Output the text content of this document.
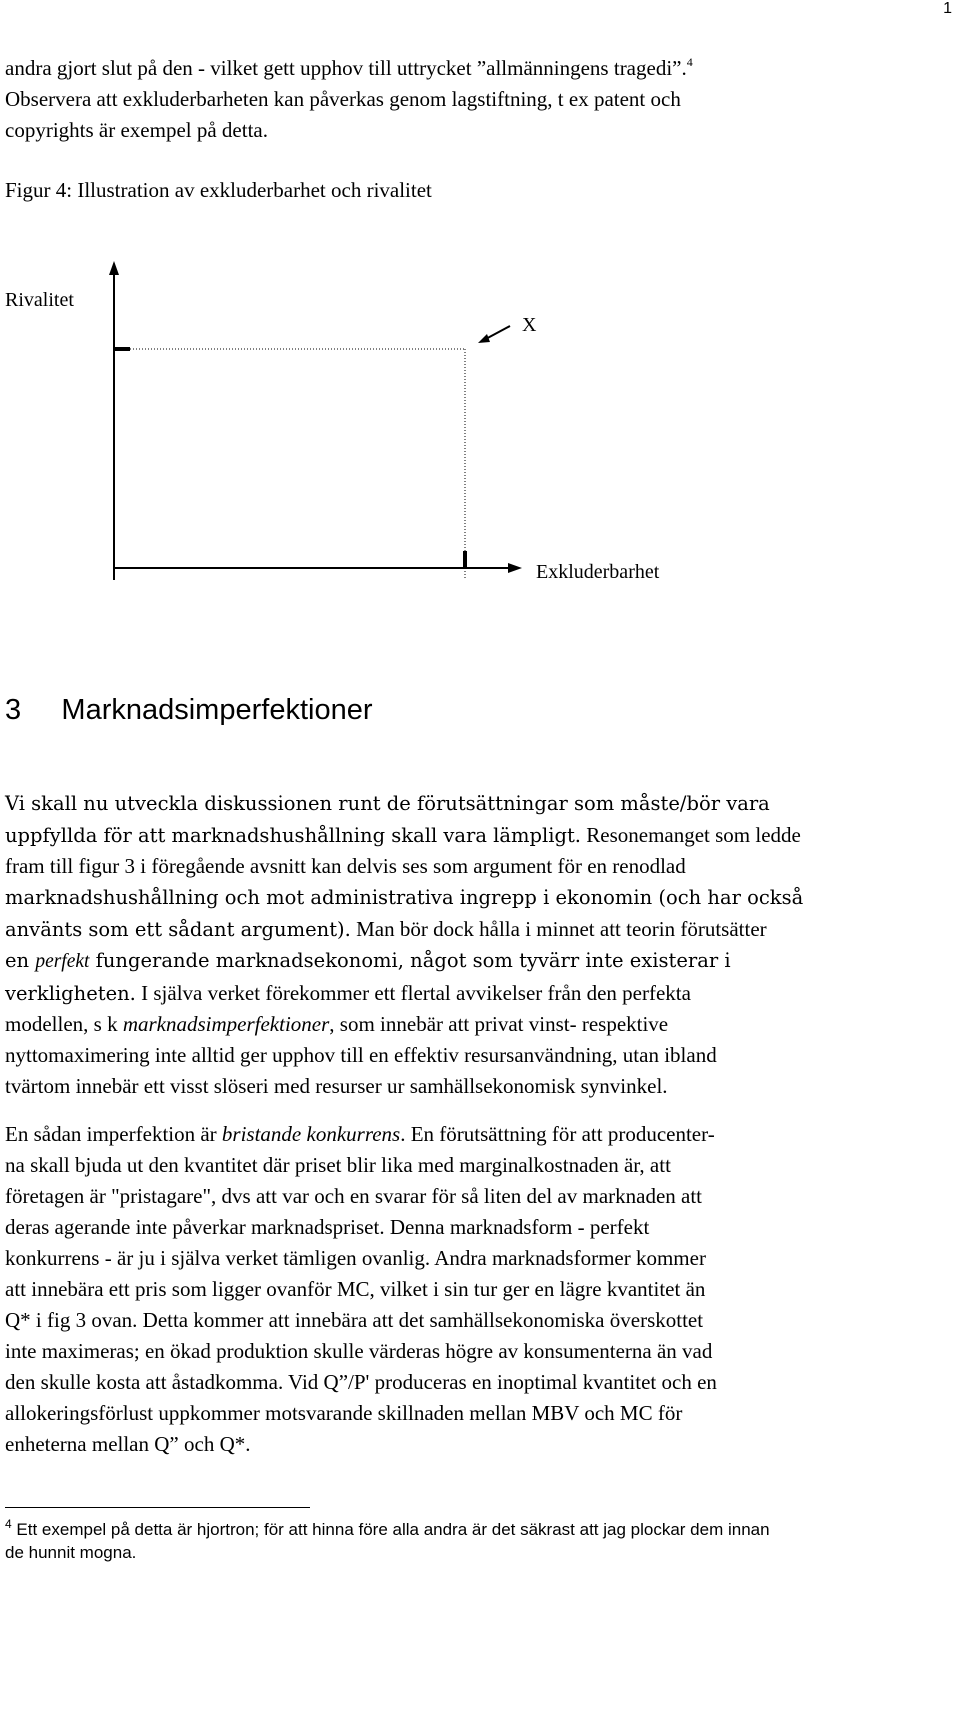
1
andra gjort slut på den - vilket gett upphov till uttrycket ”allmänningens tragedi”.$^4$
Observera att exkluderbarheten kan påverkas genom lagstiftning, t ex patent och
copyrights är exempel på detta.
Figur 4: Illustration av exkluderbarhet och rivalitet
Rivalitet
X
Exkluderbarhet
3     Marknadsimperfektioner
Vi skall nu utveckla diskussionen runt de förutsättningar som måste/bör vara
uppfyllda för att marknadshushållning skall vara lämpligt. Resonemanget som ledde
fram till figur 3 i föregående avsnitt kan delvis ses som argument för en renodlad
marknadshushållning och mot administrativa ingrepp i ekonomin (och har också
använts som ett sådant argument). Man bör dock hålla i minnet att teorin förutsätter
en perfekt fungerande marknadsekonomi, något som tyvärr inte existerar i
verkligheten. I själva verket förekommer ett flertal avvikelser från den perfekta
modellen, s k marknadsimperfektioner, som innebär att privat vinst- respektive
nyttomaximering inte alltid ger upphov till en effektiv resursanvändning, utan ibland
tvärtom innebär ett visst slöseri med resurser ur samhällsekonomisk synvinkel.
En sådan imperfektion är bristande konkurrens. En förutsättning för att producenter-
na skall bjuda ut den kvantitet där priset blir lika med marginalkostnaden är, att
företagen är "pristagare", dvs att var och en svarar för så liten del av marknaden att
deras agerande inte påverkar marknadspriset. Denna marknadsform - perfekt
konkurrens - är ju i själva verket tämligen ovanlig. Andra marknadsformer kommer
att innebära ett pris som ligger ovanför MC, vilket i sin tur ger en lägre kvantitet än
Q* i fig 3 ovan. Detta kommer att innebära att det samhällsekonomiska överskottet
inte maximeras; en ökad produktion skulle värderas högre av konsumenterna än vad
den skulle kosta att åstadkomma. Vid Q”/P' produceras en inoptimal kvantitet och en
allokeringsförlust uppkommer motsvarande skillnaden mellan MBV och MC för
enheterna mellan Q” och Q*.
$^4$ Ett exempel på detta är hjortron; för att hinna före alla andra är det säkrast att jag plockar dem innan
de hunnit mogna.
